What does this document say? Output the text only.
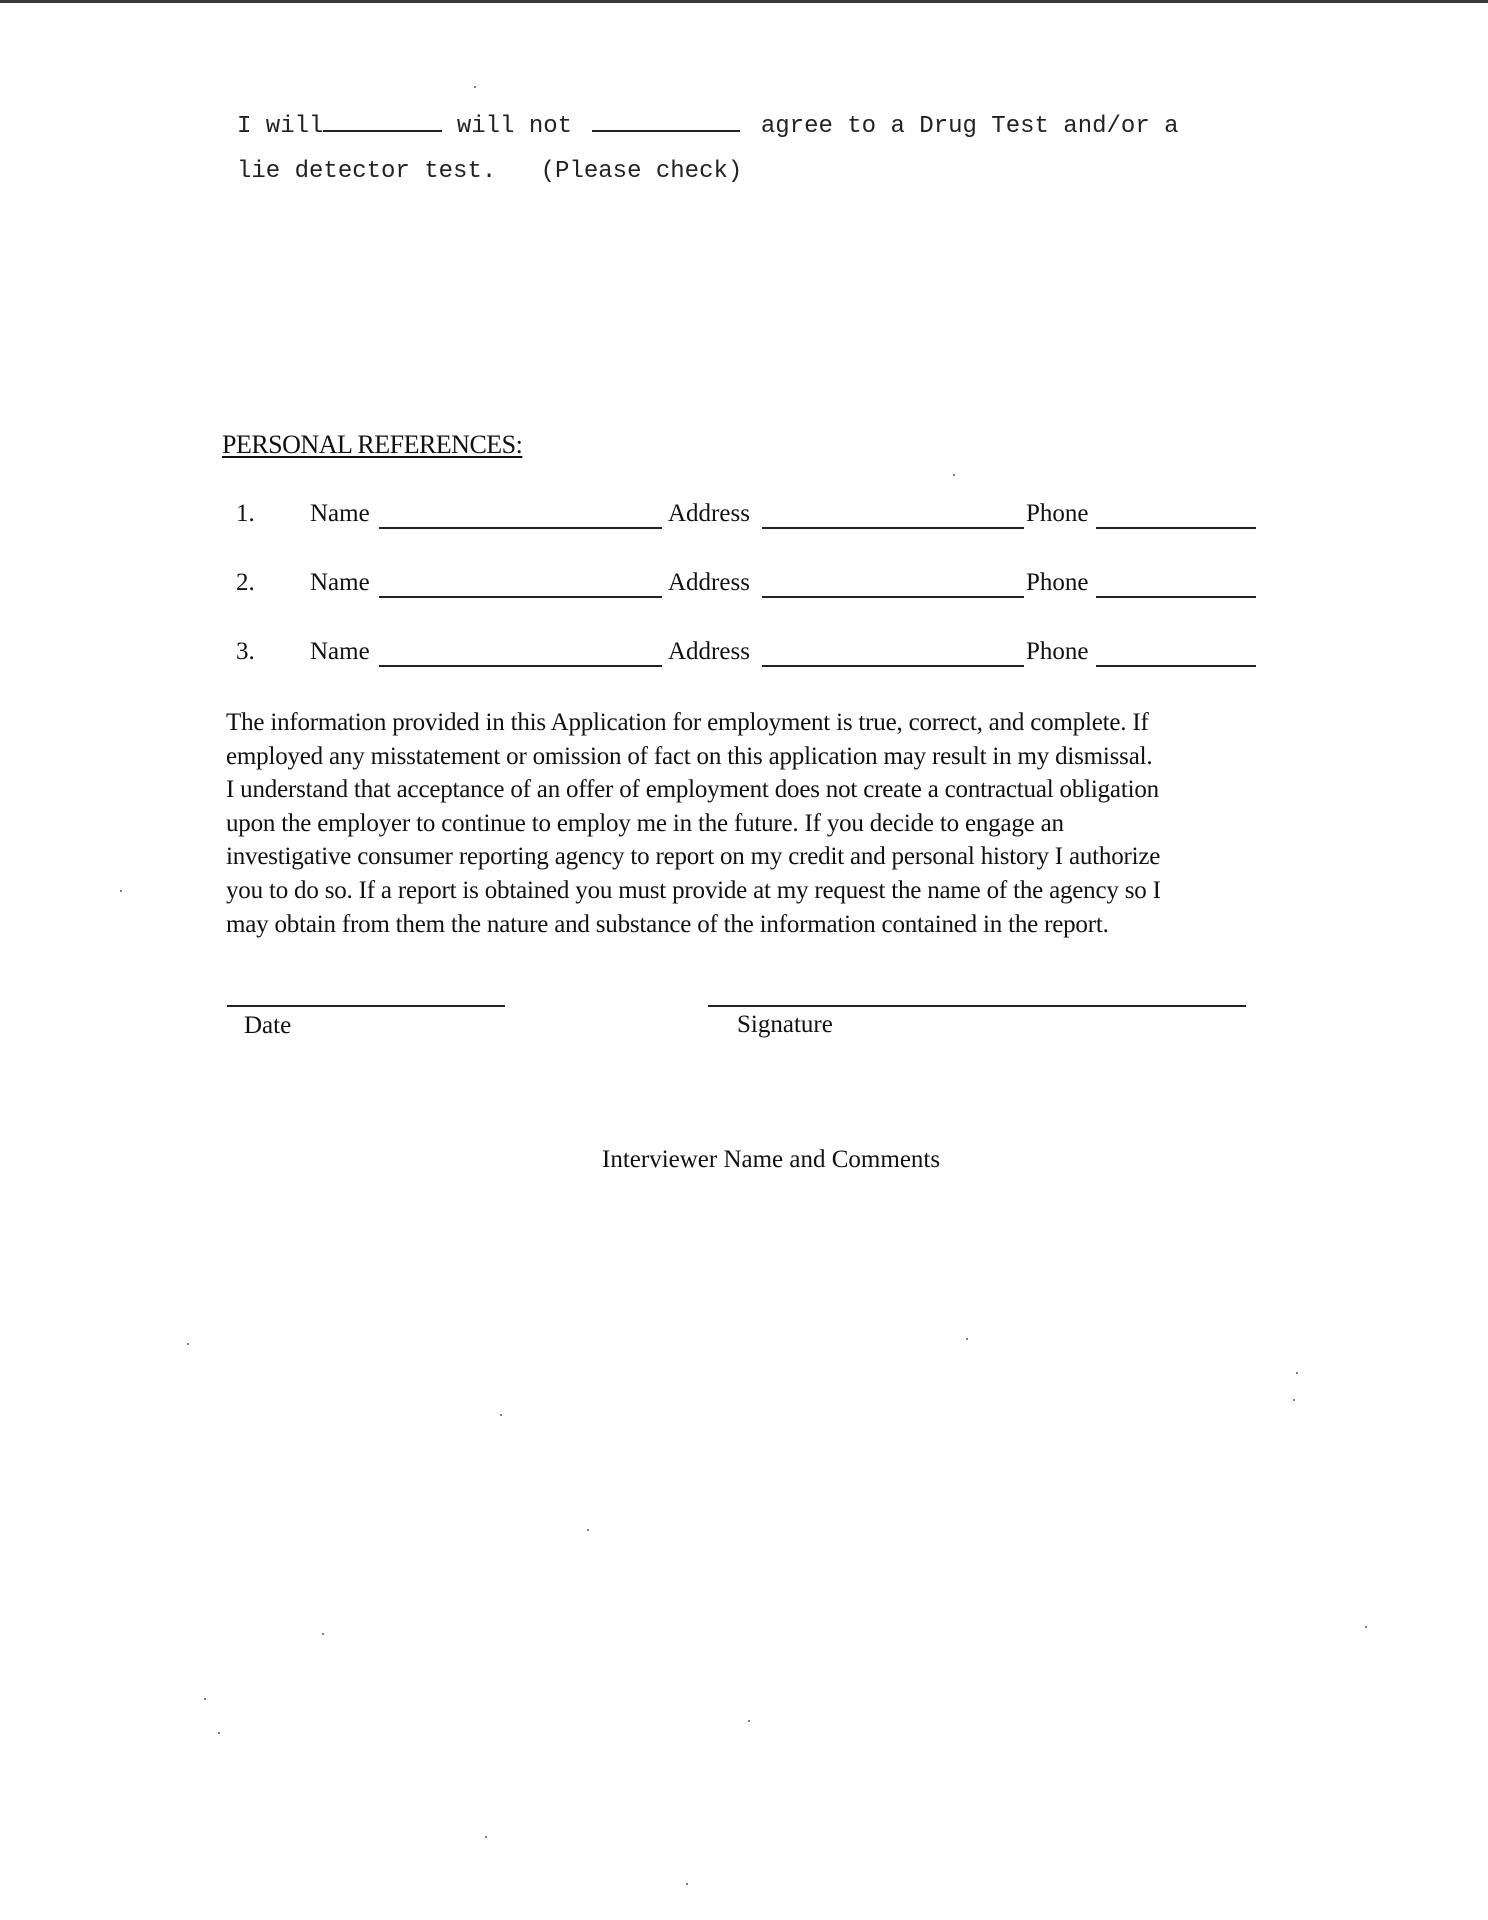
I will	will not	agree to a Drug Test and/or a
lie detector test. (Please check)
PERSONAL REFERENCES:
1. Name	Address	Phone
2. Name	Address	Phone
3. Name	Address	Phone
The information provided in this Application for employment is true, correct, and complete. If
employed any misstatement or omission of fact on this application may result in my dismissal.
I understand that acceptance of an offer of employment does not create a contractual obligation
upon the employer to continue to employ me in the future. If you decide to engage an
investigative consumer reporting agency to report on my credit and personal history I authorize
you to do so. If a report is obtained you must provide at my request the name of the agency so I
may obtain from them the nature and substance of the information contained in the report.
Date	Signature
Interviewer Name and Comments
